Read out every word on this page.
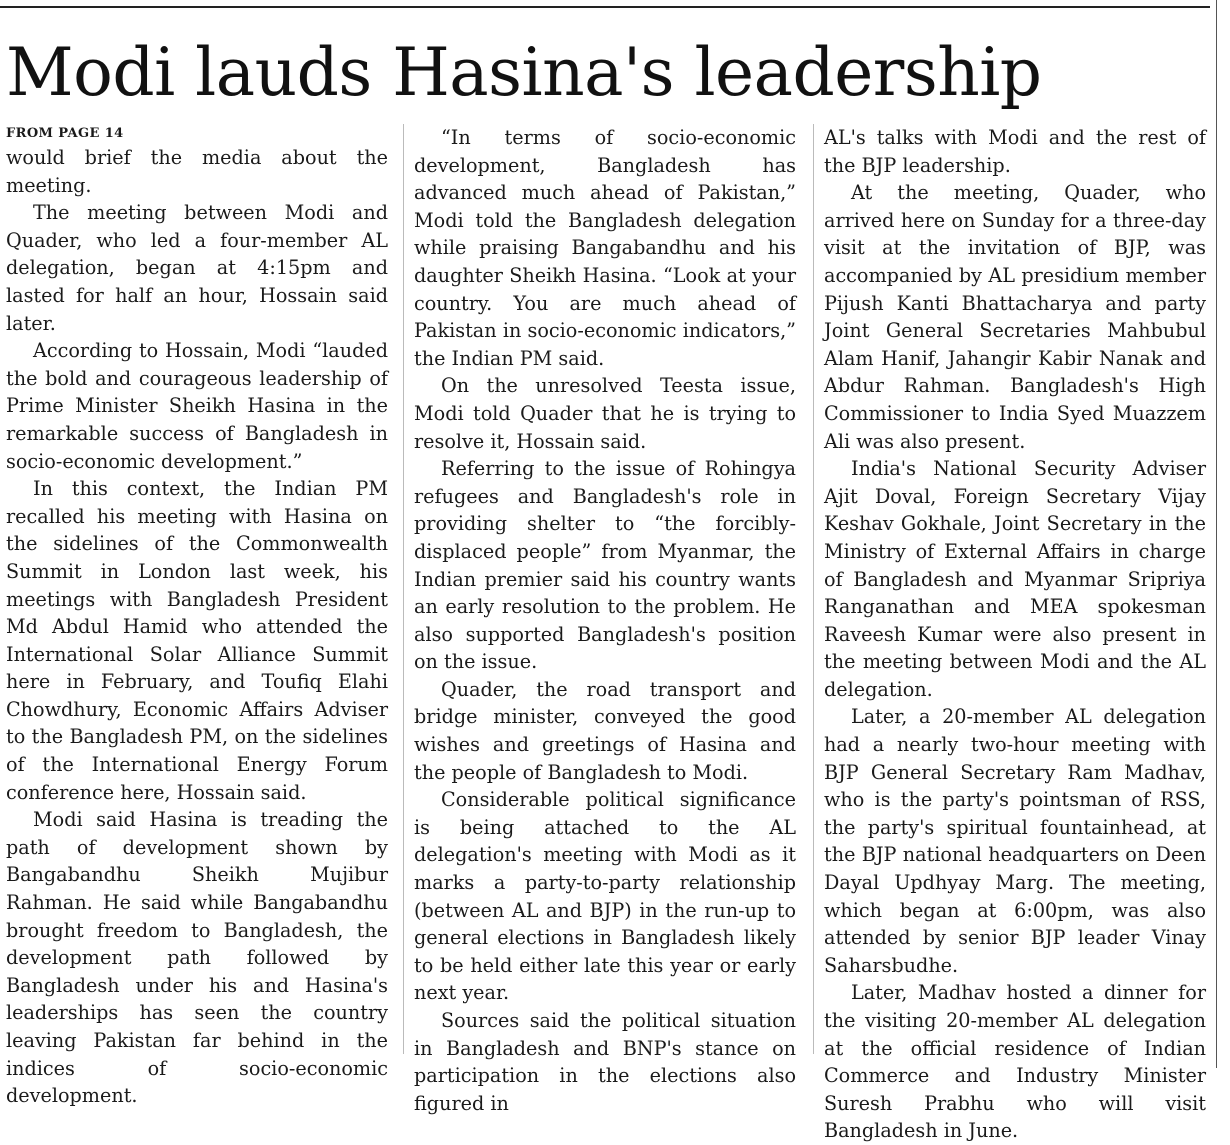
Modi lauds Hasina's leadership
FROM PAGE 14

would brief the media about the meeting.

The meeting between Modi and Quader, who led a four-member AL delegation, began at 4:15pm and lasted for half an hour, Hossain said later.

According to Hossain, Modi “lauded the bold and courageous leadership of Prime Minister Sheikh Hasina in the remarkable success of Bangladesh in socio-economic development.”

In this context, the Indian PM recalled his meeting with Hasina on the sidelines of the Commonwealth Summit in London last week, his meetings with Bangladesh President Md Abdul Hamid who attended the International Solar Alliance Summit here in February, and Toufiq Elahi Chowdhury, Economic Affairs Adviser to the Bangladesh PM, on the sidelines of the International Energy Forum conference here, Hossain said.

Modi said Hasina is treading the path of development shown by Bangabandhu Sheikh Mujibur Rahman. He said while Bangabandhu brought freedom to Bangladesh, the development path followed by Bangladesh under his and Hasina's leaderships has seen the country leaving Pakistan far behind in the indices of socio-economic development.

“In terms of socio-economic development, Bangladesh has advanced much ahead of Pakistan,” Modi told the Bangladesh delegation while praising Bangabandhu and his daughter Sheikh Hasina. “Look at your country. You are much ahead of Pakistan in socio-economic indicators,” the Indian PM said.

On the unresolved Teesta issue, Modi told Quader that he is trying to resolve it, Hossain said.

Referring to the issue of Rohingya refugees and Bangladesh's role in providing shelter to “the forcibly-displaced people” from Myanmar, the Indian premier said his country wants an early resolution to the problem. He also supported Bangladesh's position on the issue.

Quader, the road transport and bridge minister, conveyed the good wishes and greetings of Hasina and the people of Bangladesh to Modi.

Considerable political significance is being attached to the AL delegation's meeting with Modi as it marks a party-to-party relationship (between AL and BJP) in the run-up to general elections in Bangladesh likely to be held either late this year or early next year.

Sources said the political situation in Bangladesh and BNP's stance on participation in the elections also figured in

AL's talks with Modi and the rest of the BJP leadership.

At the meeting, Quader, who arrived here on Sunday for a three-day visit at the invitation of BJP, was accompanied by AL presidium member Pijush Kanti Bhattacharya and party Joint General Secretaries Mahbubul Alam Hanif, Jahangir Kabir Nanak and Abdur Rahman. Bangladesh's High Commissioner to India Syed Muazzem Ali was also present.

India's National Security Adviser Ajit Doval, Foreign Secretary Vijay Keshav Gokhale, Joint Secretary in the Ministry of External Affairs in charge of Bangladesh and Myanmar Sripriya Ranganathan and MEA spokesman Raveesh Kumar were also present in the meeting between Modi and the AL delegation.

Later, a 20-member AL delegation had a nearly two-hour meeting with BJP General Secretary Ram Madhav, who is the party's pointsman of RSS, the party's spiritual fountainhead, at the BJP national headquarters on Deen Dayal Updhyay Marg. The meeting, which began at 6:00pm, was also attended by senior BJP leader Vinay Saharsbudhe.

Later, Madhav hosted a dinner for the visiting 20-member AL delegation at the official residence of Indian Commerce and Industry Minister Suresh Prabhu who will visit Bangladesh in June.
